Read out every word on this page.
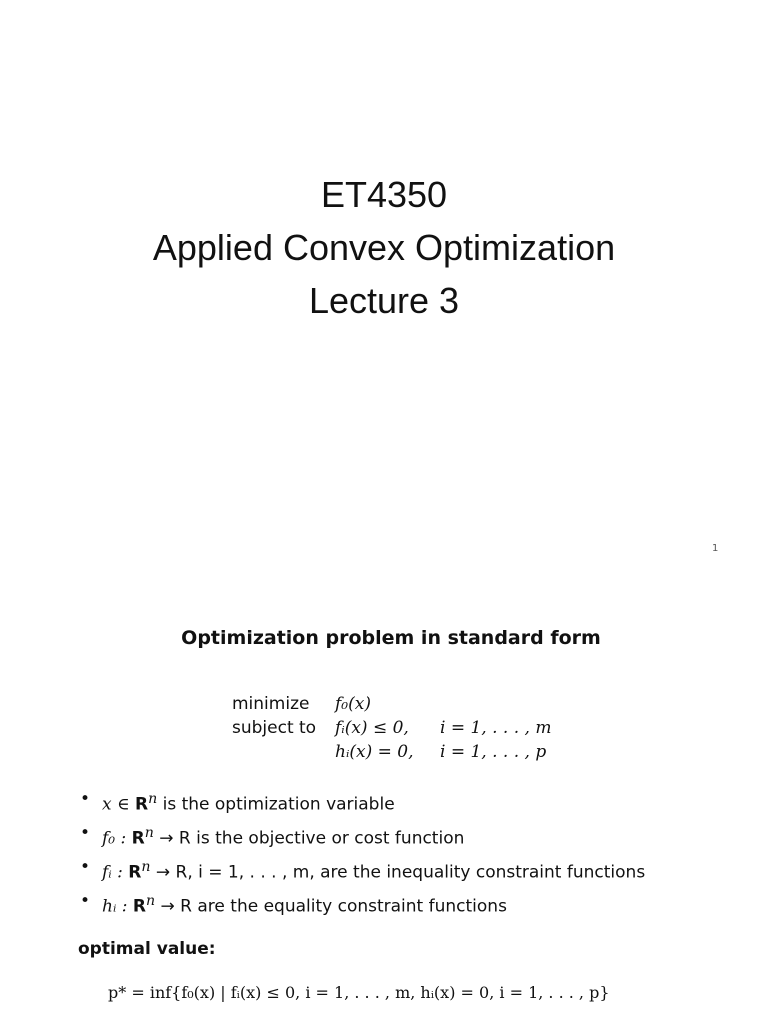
ET4350
Applied Convex Optimization
Lecture 3
1
Optimization problem in standard form
minimize f₀(x)
subject to fᵢ(x) ≤ 0, i = 1, . . . , m
hᵢ(x) = 0, i = 1, . . . , p
• x ∈ $R^n$ is the optimization variable
• f₀ : $R^n \to R$ is the objective or cost function
• fᵢ : $R^n \to R$, i = 1, . . . , m, are the inequality constraint functions
• hᵢ : $R^n \to R$ are the equality constraint functions
optimal value:
p* = inf{f₀(x) | fᵢ(x) ≤ 0, i = 1, . . . , m, hᵢ(x) = 0, i = 1, . . . , p}
